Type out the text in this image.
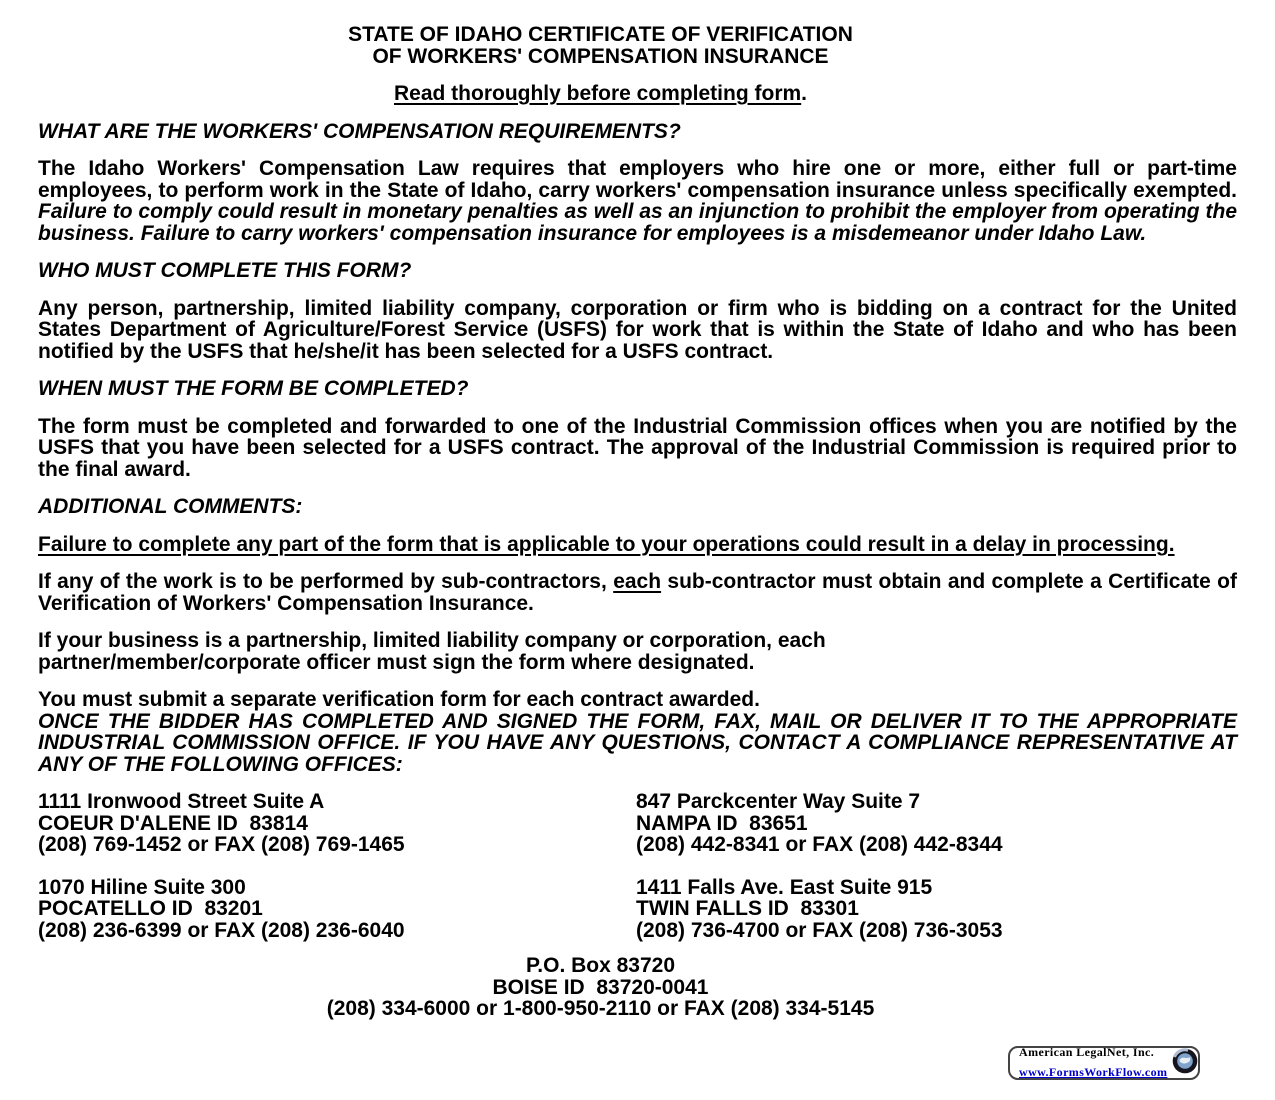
STATE OF IDAHO CERTIFICATE OF VERIFICATION
OF WORKERS' COMPENSATION INSURANCE
Read thoroughly before completing form.
WHAT ARE THE WORKERS' COMPENSATION REQUIREMENTS?
The Idaho Workers' Compensation Law requires that employers who hire one or more, either full or part-time employees, to perform work in the State of Idaho, carry workers' compensation insurance unless specifically exempted. Failure to comply could result in monetary penalties as well as an injunction to prohibit the employer from operating the business. Failure to carry workers' compensation insurance for employees is a misdemeanor under Idaho Law.
WHO MUST COMPLETE THIS FORM?
Any person, partnership, limited liability company, corporation or firm who is bidding on a contract for the United States Department of Agriculture/Forest Service (USFS) for work that is within the State of Idaho and who has been notified by the USFS that he/she/it has been selected for a USFS contract.
WHEN MUST THE FORM BE COMPLETED?
The form must be completed and forwarded to one of the Industrial Commission offices when you are notified by the USFS that you have been selected for a USFS contract. The approval of the Industrial Commission is required prior to the final award.
ADDITIONAL COMMENTS:
Failure to complete any part of the form that is applicable to your operations could result in a delay in processing.
If any of the work is to be performed by sub-contractors, each sub-contractor must obtain and complete a Certificate of Verification of Workers' Compensation Insurance.
If your business is a partnership, limited liability company or corporation, each
partner/member/corporate officer must sign the form where designated.
You must submit a separate verification form for each contract awarded.
ONCE THE BIDDER HAS COMPLETED AND SIGNED THE FORM, FAX, MAIL OR DELIVER IT TO THE APPROPRIATE INDUSTRIAL COMMISSION OFFICE. IF YOU HAVE ANY QUESTIONS, CONTACT A COMPLIANCE REPRESENTATIVE AT ANY OF THE FOLLOWING OFFICES:
1111 Ironwood Street Suite A
COEUR D'ALENE ID  83814
(208) 769-1452 or FAX (208) 769-1465
847 Parckcenter Way Suite 7
NAMPA ID  83651
(208) 442-8341 or FAX (208) 442-8344
1070 Hiline Suite 300
POCATELLO ID  83201
(208) 236-6399 or FAX (208) 236-6040
1411 Falls Ave. East Suite 915
TWIN FALLS ID  83301
(208) 736-4700 or FAX (208) 736-3053
P.O. Box 83720
BOISE ID  83720-0041
(208) 334-6000 or 1-800-950-2110 or FAX (208) 334-5145
American LegalNet, Inc.
www.FormsWorkFlow.com
